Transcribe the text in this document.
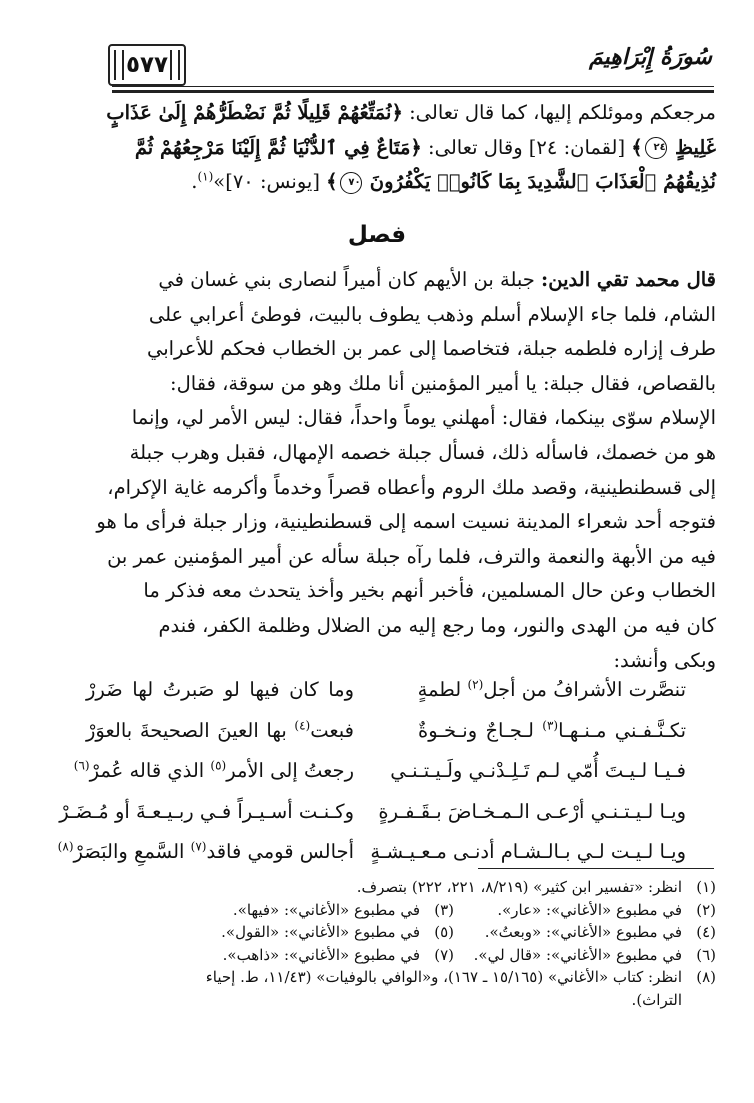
٥٧٧	سُورَةُ إِبْرَاهِيمَ
مرجعكم وموئلكم إليها، كما قال تعالى: ﴿نُمَتِّعُهُمْ قَلِيلًا ثُمَّ نَضْطَرُّهُمْ إِلَىٰ عَذَابٍ
غَلِيظٍ ٢٤﴾ [لقمان: ٢٤] وقال تعالى: ﴿مَتَاعٌ فِي ٱلدُّنْيَا ثُمَّ إِلَيْنَا مَرْجِعُهُمْ ثُمَّ
نُذِيقُهُمُ ٱلْعَذَابَ ٱلشَّدِيدَ بِمَا كَانُوا۟ يَكْفُرُونَ ٧٠﴾ [يونس: ٧٠]»$^{(١)}$.
فصل
قال محمد تقي الدين: جبلة بن الأيهم كان أميراً لنصارى بني غسان في
الشام، فلما جاء الإسلام أسلم وذهب يطوف بالبيت، فوطئ أعرابي على
طرف إزاره فلطمه جبلة، فتخاصما إلى عمر بن الخطاب فحكم للأعرابي
بالقصاص، فقال جبلة: يا أمير المؤمنين أنا ملك وهو من سوقة، فقال:
الإسلام سوّى بينكما، فقال: أمهلني يوماً واحداً، فقال: ليس الأمر لي، وإنما
هو من خصمك، فاسأله ذلك، فسأل جبلة خصمه الإمهال، فقبل وهرب جبلة
إلى قسطنطينية، وقصد ملك الروم وأعطاه قصراً وخدماً وأكرمه غاية الإكرام،
فتوجه أحد شعراء المدينة نسيت اسمه إلى قسطنطينية، وزار جبلة فرأى ما هو
فيه من الأبهة والنعمة والترف، فلما رآه جبلة سأله عن أمير المؤمنين عمر بن
الخطاب وعن حال المسلمين، فأخبر أنهم بخير وأخذ يتحدث معه فذكر ما
كان فيه من الهدى والنور، وما رجع إليه من الضلال وظلمة الكفر، فندم
وبكى وأنشد:
تنصَّرت الأشرافُ من أجل$^{(٢)}$ لطمةٍ
وما كان فيها لو صَبرتُ لها ضَررْ
تكـنَّـفـني مـنـهـا$^{(٣)}$ لـجـاجٌ ونـخـوةٌ
فبعت$^{(٤)}$ بها العينَ الصحيحةَ بالعوَرْ
فـيـا لـيـتَ أُمّي لـم تَـلِـدْنـي ولَـيـتـنـي
رجعتُ إلى الأمر$^{(٥)}$ الذي قاله عُمرْ$^{(٦)}$
ويـا لـيـتـنـي أرْعـى الـمـخـاضَ بـقَـفـرةٍ
وكـنـت أسـيـراً فـي ربـيـعـةَ أو مُـضَـرْ
ويـا لـيـت لـي بـالـشـام أدنـى مـعـيـشـةٍ
أجالس قومي فاقد$^{(٧)}$ السَّمعِ والبَصَرْ$^{(٨)}$
(١)انظر: «تفسير ابن كثير» (٨/٢١٩، ٢٢١، ٢٢٢) بتصرف.
(٢)في مطبوع «الأغاني»: «عار».
(٣)في مطبوع «الأغاني»: «فيها».
(٤)في مطبوع «الأغاني»: «وبعتُ».
(٥)في مطبوع «الأغاني»: «القول».
(٦)في مطبوع «الأغاني»: «قال لي».
(٧)في مطبوع «الأغاني»: «ذاهب».
(٨)انظر: كتاب «الأغاني» (١٥/١٦٥ ـ ١٦٧)، و«الوافي بالوفيات» (١١/٤٣، ط. إحياء
التراث).
